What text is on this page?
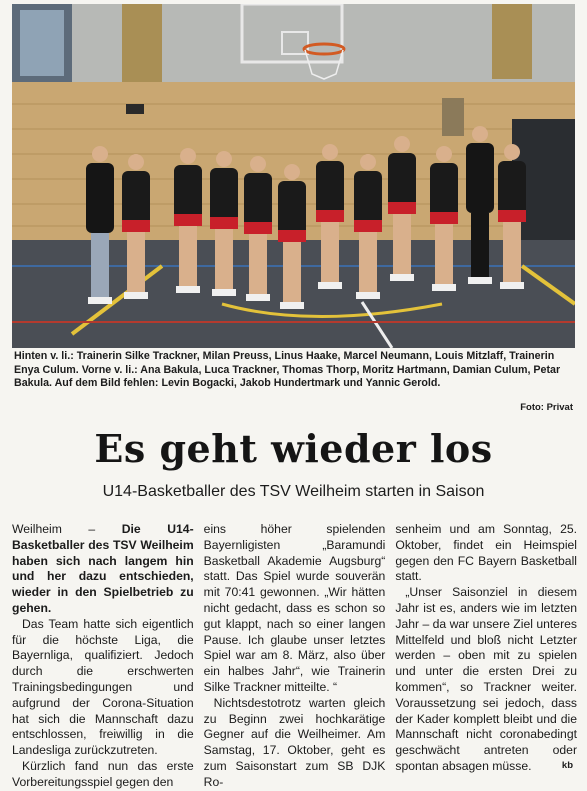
Hinten v. li.: Trainerin Silke Trackner, Milan Preuss, Linus Haake, Marcel Neumann, Louis Mitzlaff, Trainerin Enya Culum. Vorne v. li.: Ana Bakula, Luca Trackner, Thomas Thorp, Moritz Hartmann, Damian Culum, Petar Bakula. Auf dem Bild fehlen: Levin Bogacki, Jakob Hundertmark und Yannic Gerold.
Foto: Privat
Es geht wieder los
U14-Basketballer des TSV Weilheim starten in Saison

Weilheim – Die U14-Basketballer des TSV Weilheim haben sich nach langem hin und her dazu entschieden, wieder in den Spielbetrieb zu gehen.

Das Team hatte sich eigentlich für die höchste Liga, die Bayernliga, qualifiziert. Jedoch durch die erschwerten Trainingsbedingungen und aufgrund der Corona-Situation hat sich die Mannschaft dazu entschlossen, freiwillig in die Landesliga zurückzutreten.

Kürzlich fand nun das erste Vorbereitungsspiel gegen den

eins höher spielenden Bayernligisten „Baramundi Basketball Akademie Augsburg“ statt. Das Spiel wurde souverän mit 70:41 gewonnen. „Wir hätten nicht gedacht, dass es schon so gut klappt, nach so einer langen Pause. Ich glaube unser letztes Spiel war am 8. März, also über ein halbes Jahr“, wie Trainerin Silke Trackner mitteilte. “

Nichtsdestotrotz warten gleich zu Beginn zwei hochkarätige Gegner auf die Weilheimer. Am Samstag, 17. Oktober, geht es zum Saisonstart zum SB DJK Ro-

senheim und am Sonntag, 25. Oktober, findet ein Heimspiel gegen den FC Bayern Basketball statt.

„Unser Saisonziel in diesem Jahr ist es, anders wie im letzten Jahr – da war unsere Ziel unteres Mittelfeld und bloß nicht Letzter werden – oben mit zu spielen und unter die ersten Drei zu kommen“, so Trackner weiter. Voraussetzung sei jedoch, dass der Kader komplett bleibt und die Mannschaft nicht coronabedingt geschwächt antreten oder spontan absagen müsse.	kb
